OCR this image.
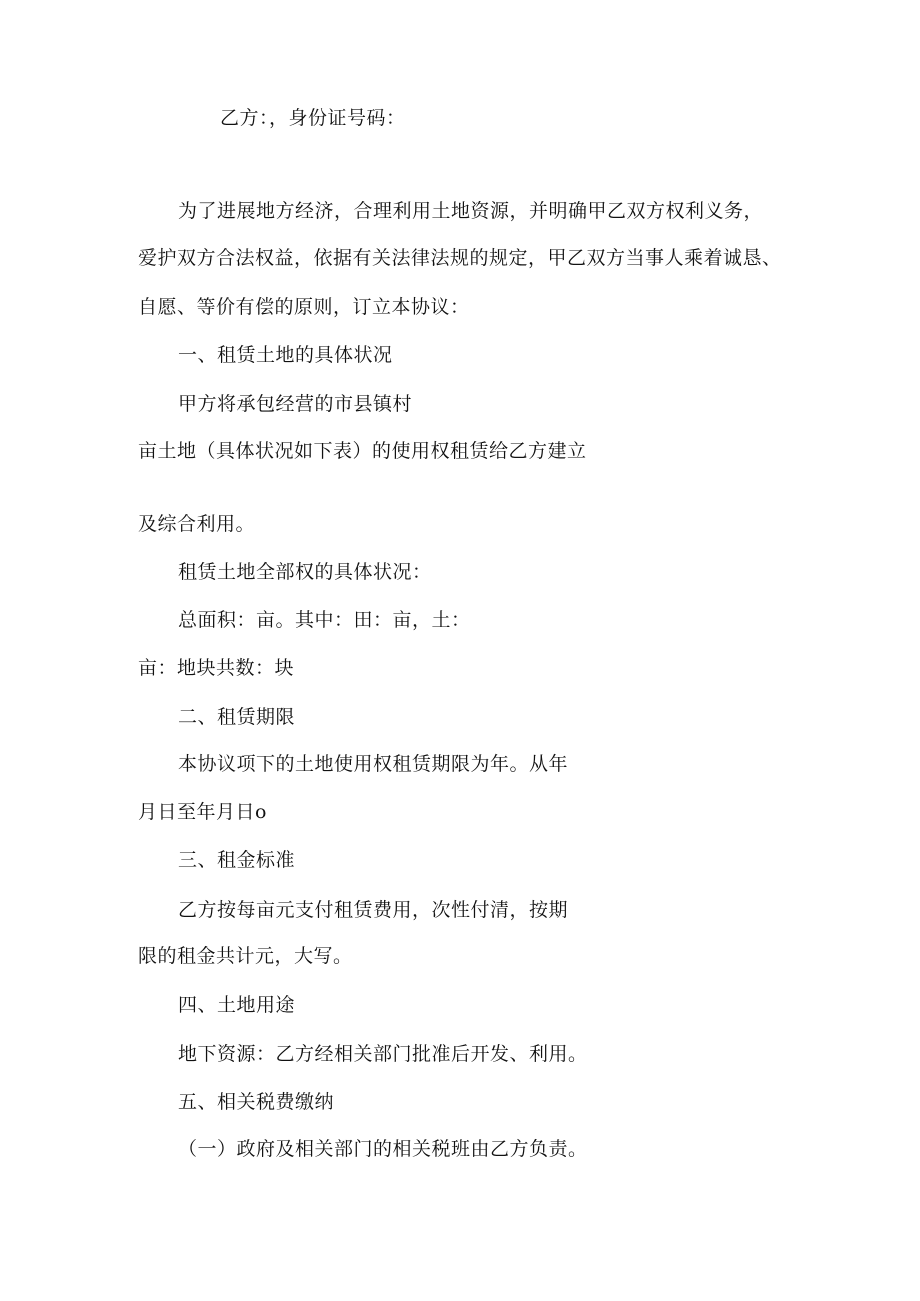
乙方：，身份证号码：
为了进展地方经济，合理利用土地资源，并明确甲乙双方权利义务，
爱护双方合法权益，依据有关法律法规的规定，甲乙双方当事人乘着诚恳、
自愿、等价有偿的原则，订立本协议：
一、租赁土地的具体状况
甲方将承包经营的市县镇村
亩土地（具体状况如下表）的使用权租赁给乙方建立
及综合利用。
租赁土地全部权的具体状况：
总面积：亩。其中：田：亩，土：
亩：地块共数：块
二、租赁期限
本协议项下的土地使用权租赁期限为年。从年
月日至年月日o
三、租金标准
乙方按每亩元支付租赁费用，次性付清，按期
限的租金共计元，大写。
四、土地用途
地下资源：乙方经相关部门批准后开发、利用。
五、相关税费缴纳
（一）政府及相关部门的相关税班由乙方负责。
